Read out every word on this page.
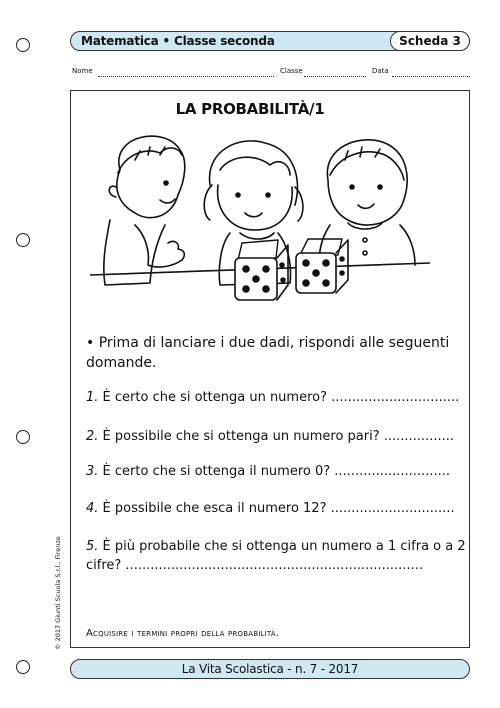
Matematica • Classe seconda	Scheda 3
Nome	Classe	Data
LA PROBABILITÀ/1
• Prima di lanciare i due dadi, rispondi alle seguenti domande.
1. È certo che si ottenga un numero? ...............................
2. È possibile che si ottenga un numero pari? .................
3. È certo che si ottenga il numero 0? ............................
4. È possibile che esca il numero 12? ..............................
5. È più probabile che si ottenga un numero a 1 cifra o a 2 cifre? ........................................................................
Acquisire i termini propri della probabilità.
© 2017 Giunti Scuola S.r.l., Firenze
La Vita Scolastica - n. 7 - 2017
